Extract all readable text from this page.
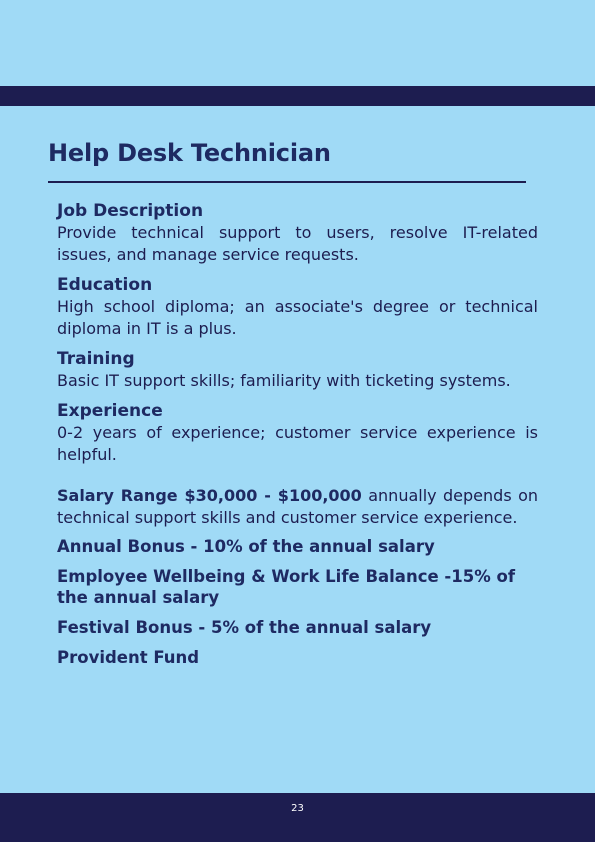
Help Desk Technician
Job Description

Provide technical support to users, resolve IT-related issues, and manage service requests.

Education

High school diploma; an associate's degree or technical diploma in IT is a plus.

Training

Basic IT support skills; familiarity with ticketing systems.

Experience

0-2 years of experience; customer service experience is helpful.

Salary Range $30,000 - $100,000 annually depends on technical support skills and customer service experience.

Annual Bonus - 10% of the annual salary

Employee Wellbeing & Work Life Balance -15% of the annual salary

Festival Bonus - 5% of the annual salary

Provident Fund

23
